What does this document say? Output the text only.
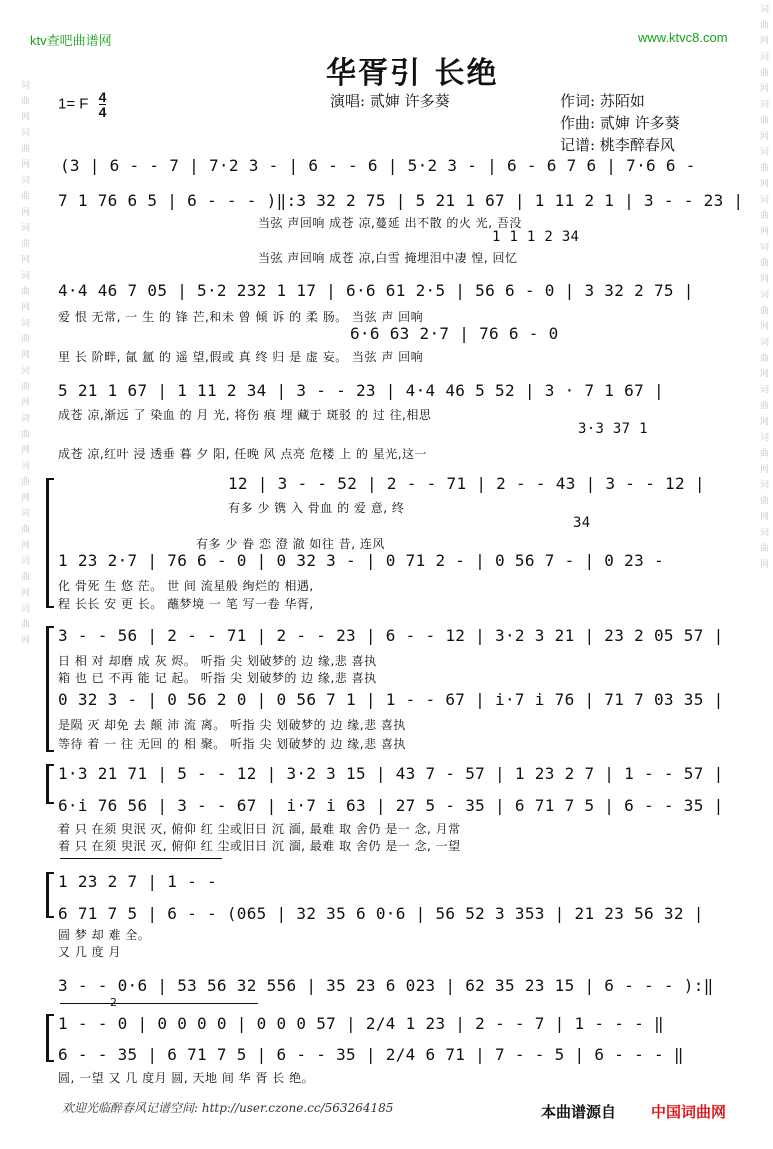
词 曲 网 词 曲 网 词 曲 网 词 曲 网 词 曲 网 词 曲 网 词 曲 网 词 曲 网 词 曲 网 词 曲 网 词 曲 网 词 曲 网	词 曲 网 词 曲 网 词 曲 网 词 曲 网 词 曲 网 词 曲 网 词 曲 网 词 曲 网 词 曲 网 词 曲 网 词 曲 网 词 曲 网
ktv查吧曲谱网	www.ktvc8.com
华胥引 长绝
1= F $\frac{4}{4}$	演唱: 贰婶 许多葵	作词: 苏陌如
作曲: 贰婶 许多葵
记谱: 桃李醉春风
(3 | 6 - - 7 | 7·2 3 - | 6 - - 6 | 5·2 3 - | 6 - 6 7 6 | 7·6 6 -
7 1 76 6 5 | 6 - - - )‖:3 32 2 75 | 5 21 1 67 | 1 11 2 1 | 3 - - 23 |
当弦 声回响 成苍 凉,蔓延 出不散 的火 光, 吾没
1 1 1 2 34
当弦 声回响 成苍 凉,白雪 掩埋泪中凄 惶, 回忆
4·4 46 7 05 | 5·2 232 1 17 | 6·6 61 2·5 | 56 6 - 0 | 3 32 2 75 |
爱 恨 无常, 一 生 的 锋 芒,和未 曾 倾 诉 的 柔 肠。 当弦 声 回响
6·6 63 2·7 | 76 6 - 0
里 长 阶畔, 氤 氲 的 遥 望,假或 真 终 归 是 虚 妄。 当弦 声 回响
5 21 1 67 | 1 11 2 34 | 3 - - 23 | 4·4 46 5 52 | 3 · 7 1 67 |
成苍 凉,渐远 了 染血 的 月 光, 将伤 痕 埋 藏于 斑驳 的 过 往,相思
3·3 37 1
成苍 凉,红叶 浸 透垂 暮 夕 阳, 任晚 风 点亮 危楼 上 的 星光,这一
12 | 3 - - 52 | 2 - - 71 | 2 - - 43 | 3 - - 12 |
有多 少 镌 入 骨血 的 爱 意, 终
34
有多 少 眷 恋 澄 澈 如往 昔, 连风
1 23 2·7 | 76 6 - 0 | 0 32 3 - | 0 71 2 - | 0 56 7 - | 0 23 -
化 骨死 生 悠 茫。 世 间 流星般 绚烂的 相遇,
程 长长 安 更 长。 蘸梦境 一 笔 写一卷 华胥,
3 - - 56 | 2 - - 71 | 2 - - 23 | 6 - - 12 | 3·2 3 21 | 23 2 05 57 |
日 相 对 却磨 成 灰 烬。 听指 尖 划破梦的 边 缘,悲 喜执
箱 也 已 不再 能 记 起。 听指 尖 划破梦的 边 缘,悲 喜执
0 32 3 - | 0 56 2 0 | 0 56 7 1 | 1 - - 67 | i·7 i 76 | 71 7 03 35 |
是陨 灭 却免 去 颠 沛 流 离。 听指 尖 划破梦的 边 缘,悲 喜执
等待 着 一 往 无回 的 相 聚。 听指 尖 划破梦的 边 缘,悲 喜执
1·3 21 71 | 5 - - 12 | 3·2 3 15 | 43 7 - 57 | 1 23 2 7 | 1 - - 57 |
6·i 76 56 | 3 - - 67 | i·7 i 63 | 27 5 - 35 | 6 71 7 5 | 6 - - 35 |
着 只 在须 臾泯 灭, 俯仰 红 尘或旧日 沉 湎, 最难 取 舍仍 是一 念, 月常
着 只 在须 臾泯 灭, 俯仰 红 尘或旧日 沉 湎, 最难 取 舍仍 是一 念, 一望
1 23 2 7 | 1 - -
6 71 7 5 | 6 - - (065 | 32 35 6 0·6 | 56 52 3 353 | 21 23 56 32 |
圆 梦 却 难 全。
又 几 度 月
3 - - 0·6 | 53 56 32 556 | 35 23 6 023 | 62 35 23 15 | 6 - - - ):‖
2
1 - - 0 | 0 0 0 0 | 0 0 0 57 | 2/4 1 23 | 2 - - 7 | 1 - - - ‖
6 - - 35 | 6 71 7 5 | 6 - - 35 | 2/4 6 71 | 7 - - 5 | 6 - - - ‖
圆, 一望 又 几 度月 圆, 天地 间 华 胥 长 绝。
欢迎光临醉春风记谱空间: http://user.czone.cc/563264185	本曲谱源自 中国词曲网
